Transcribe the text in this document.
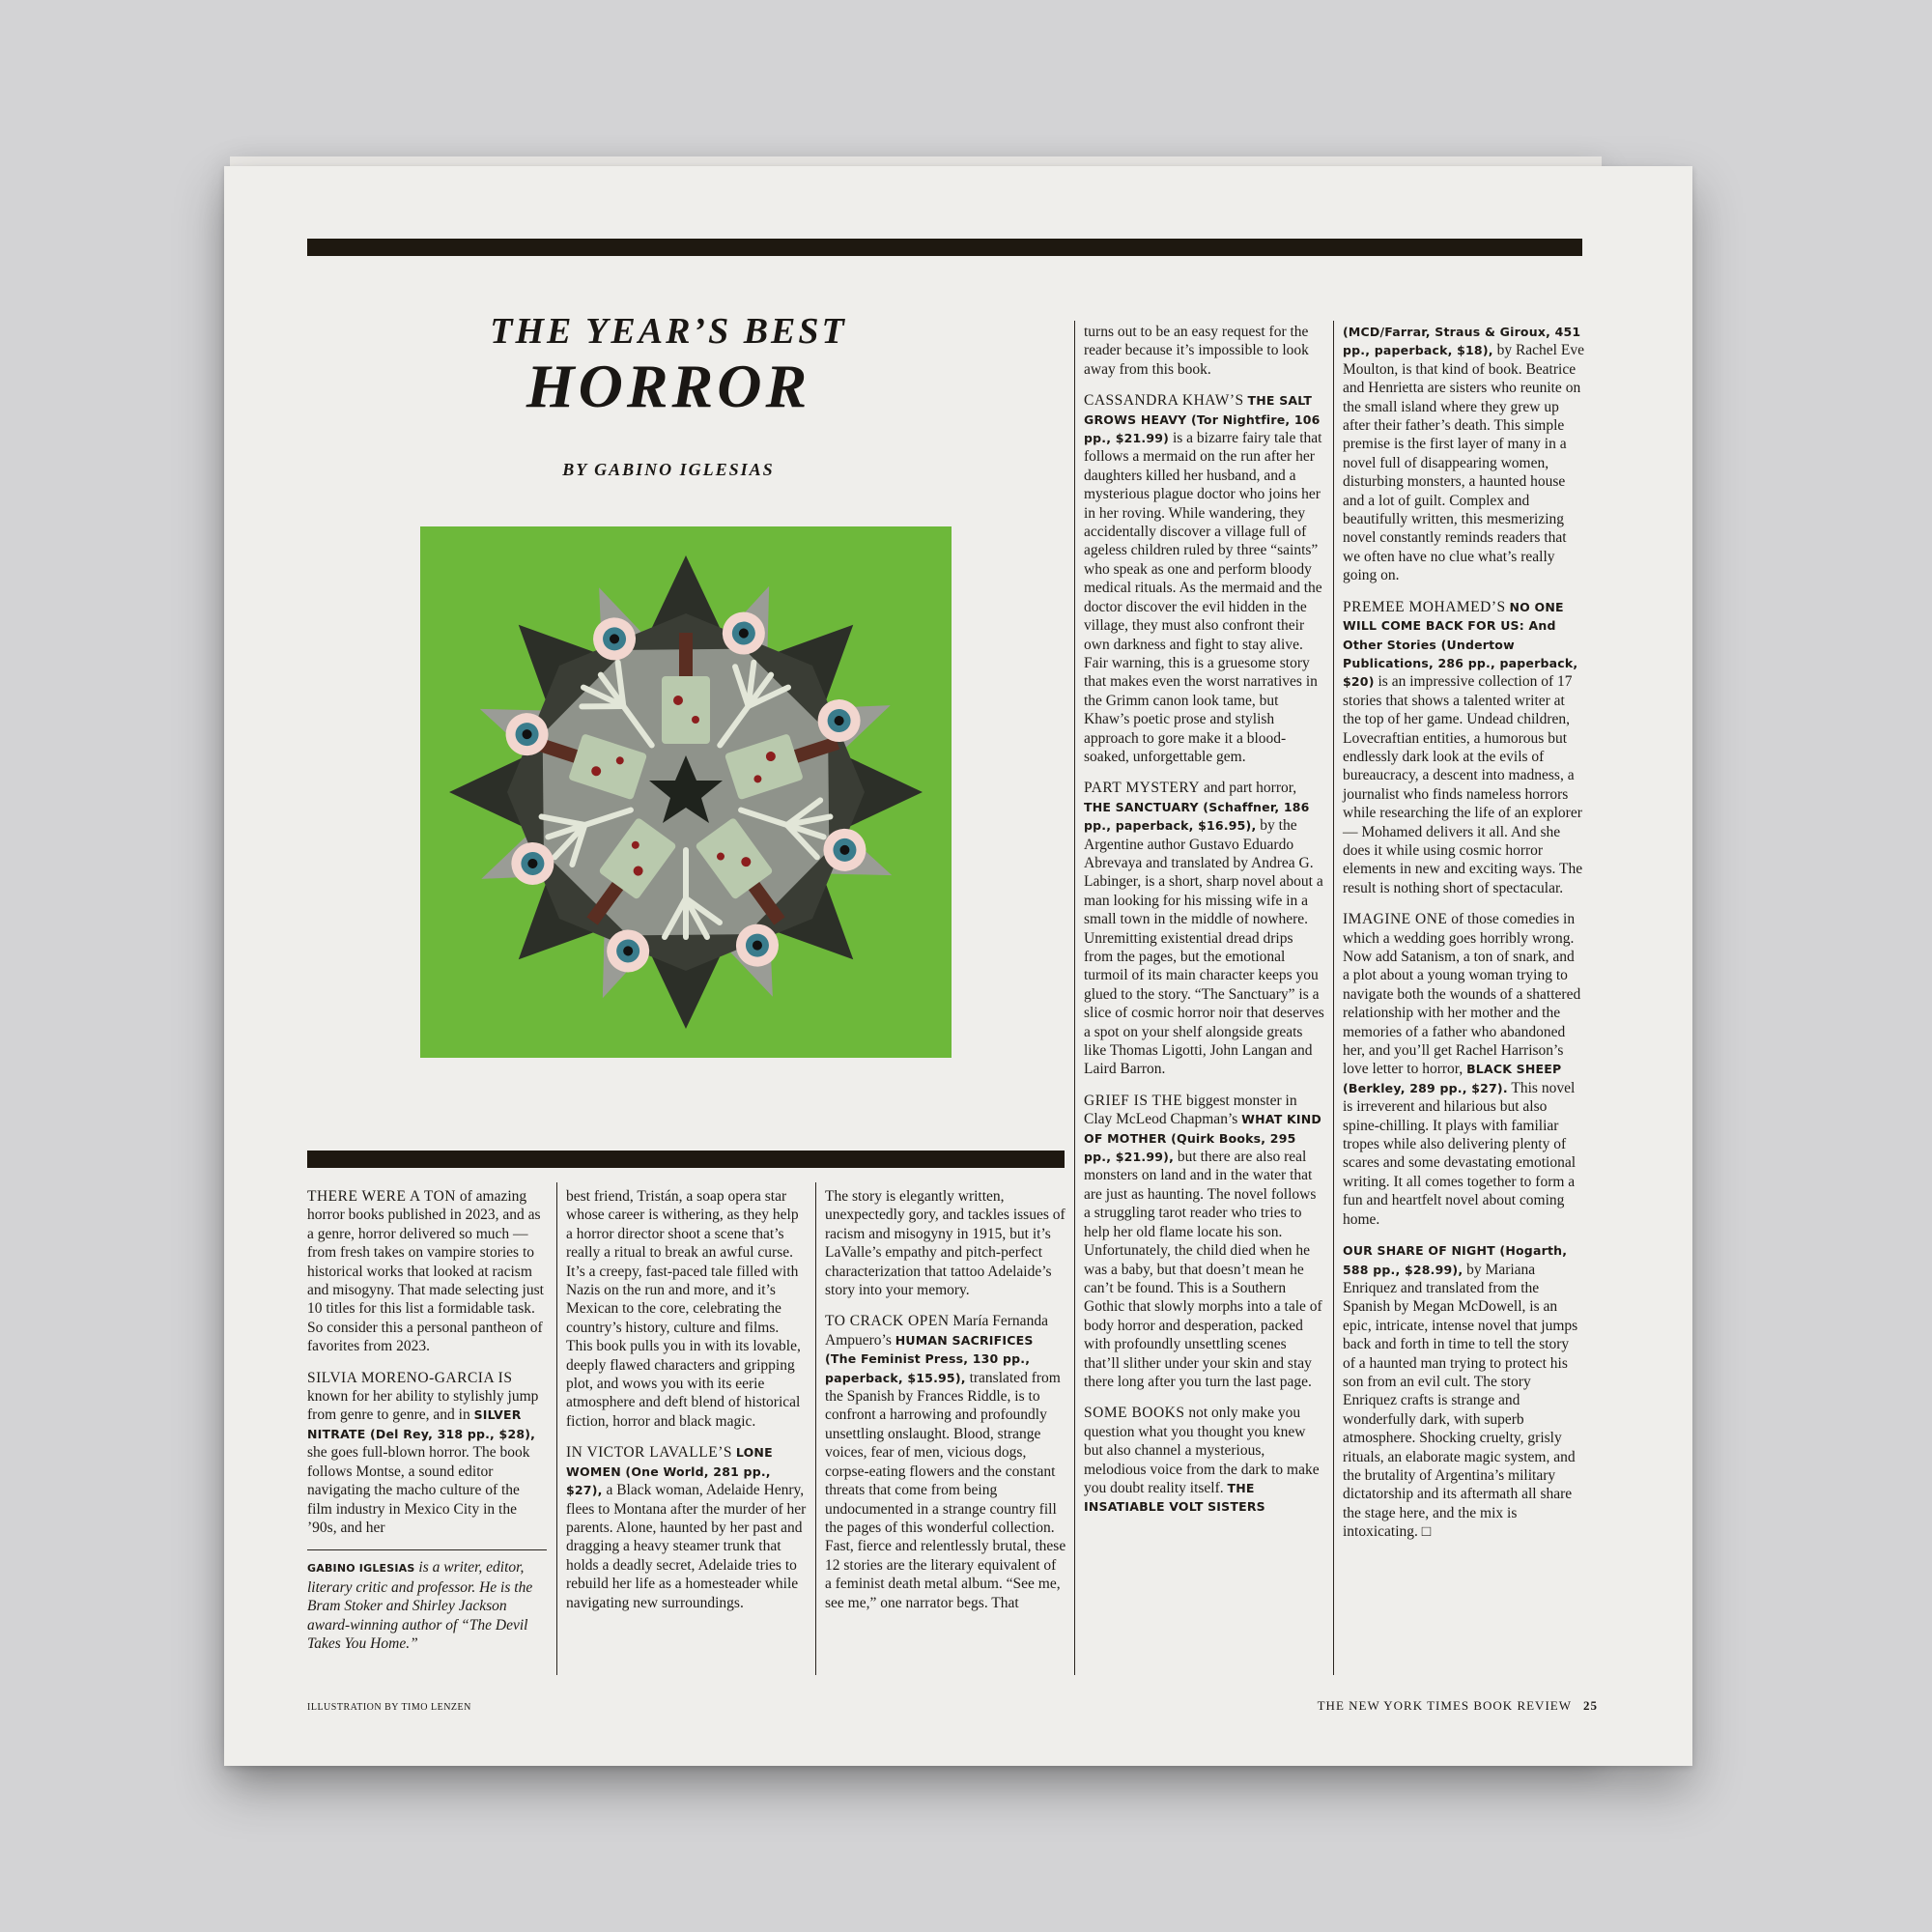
THE YEAR’S BEST
HORROR
BY GABINO IGLESIAS

THERE WERE A TON of amazing horror books published in 2023, and as a genre, horror delivered so much — from fresh takes on vampire stories to historical works that looked at racism and misogyny. That made selecting just 10 titles for this list a formidable task. So consider this a personal pantheon of favorites from 2023.

SILVIA MORENO-GARCIA IS known for her ability to stylishly jump from genre to genre, and in SILVER NITRATE (Del Rey, 318 pp., $28), she goes full-blown horror. The book follows Montse, a sound editor navigating the macho culture of the film industry in Mexico City in the ’90s, and her

GABINO IGLESIAS is a writer, editor, literary critic and professor. He is the Bram Stoker and Shirley Jackson award-winning author of “The Devil Takes You Home.”

best friend, Tristán, a soap opera star whose career is withering, as they help a horror director shoot a scene that’s really a ritual to break an awful curse. It’s a creepy, fast-paced tale filled with Nazis on the run and more, and it’s Mexican to the core, celebrating the country’s history, culture and films. This book pulls you in with its lovable, deeply flawed characters and gripping plot, and wows you with its eerie atmosphere and deft blend of historical fiction, horror and black magic.

IN VICTOR LAVALLE’S LONE WOMEN (One World, 281 pp., $27), a Black woman, Adelaide Henry, flees to Montana after the murder of her parents. Alone, haunted by her past and dragging a heavy steamer trunk that holds a deadly secret, Adelaide tries to rebuild her life as a homesteader while navigating new surroundings.

The story is elegantly written, unexpectedly gory, and tackles issues of racism and misogyny in 1915, but it’s LaValle’s empathy and pitch-perfect characterization that tattoo Adelaide’s story into your memory.

TO CRACK OPEN María Fernanda Ampuero’s HUMAN SACRIFICES (The Feminist Press, 130 pp., paperback, $15.95), translated from the Spanish by Frances Riddle, is to confront a harrowing and profoundly unsettling onslaught. Blood, strange voices, fear of men, vicious dogs, corpse-eating flowers and the constant threats that come from being undocumented in a strange country fill the pages of this wonderful collection. Fast, fierce and relentlessly brutal, these 12 stories are the literary equivalent of a feminist death metal album. “See me, see me,” one narrator begs. That

turns out to be an easy request for the reader because it’s impossible to look away from this book.

CASSANDRA KHAW’S THE SALT GROWS HEAVY (Tor Nightfire, 106 pp., $21.99) is a bizarre fairy tale that follows a mermaid on the run after her daughters killed her husband, and a mysterious plague doctor who joins her in her roving. While wandering, they accidentally discover a village full of ageless children ruled by three “saints” who speak as one and perform bloody medical rituals. As the mermaid and the doctor discover the evil hidden in the village, they must also confront their own darkness and fight to stay alive. Fair warning, this is a gruesome story that makes even the worst narratives in the Grimm canon look tame, but Khaw’s poetic prose and stylish approach to gore make it a blood-soaked, unforgettable gem.

PART MYSTERY and part horror, THE SANCTUARY (Schaffner, 186 pp., paperback, $16.95), by the Argentine author Gustavo Eduardo Abrevaya and translated by Andrea G. Labinger, is a short, sharp novel about a man looking for his missing wife in a small town in the middle of nowhere. Unremitting existential dread drips from the pages, but the emotional turmoil of its main character keeps you glued to the story. “The Sanctuary” is a slice of cosmic horror noir that deserves a spot on your shelf alongside greats like Thomas Ligotti, John Langan and Laird Barron.

GRIEF IS THE biggest monster in Clay McLeod Chapman’s WHAT KIND OF MOTHER (Quirk Books, 295 pp., $21.99), but there are also real monsters on land and in the water that are just as haunting. The novel follows a struggling tarot reader who tries to help her old flame locate his son. Unfortunately, the child died when he was a baby, but that doesn’t mean he can’t be found. This is a Southern Gothic that slowly morphs into a tale of body horror and desperation, packed with profoundly unsettling scenes that’ll slither under your skin and stay there long after you turn the last page.

SOME BOOKS not only make you question what you thought you knew but also channel a mysterious, melodious voice from the dark to make you doubt reality itself. THE INSATIABLE VOLT SISTERS

(MCD/Farrar, Straus & Giroux, 451 pp., paperback, $18), by Rachel Eve Moulton, is that kind of book. Beatrice and Henrietta are sisters who reunite on the small island where they grew up after their father’s death. This simple premise is the first layer of many in a novel full of disappearing women, disturbing monsters, a haunted house and a lot of guilt. Complex and beautifully written, this mesmerizing novel constantly reminds readers that we often have no clue what’s really going on.

PREMEE MOHAMED’S NO ONE WILL COME BACK FOR US: And Other Stories (Undertow Publications, 286 pp., paperback, $20) is an impressive collection of 17 stories that shows a talented writer at the top of her game. Undead children, Lovecraftian entities, a humorous but endlessly dark look at the evils of bureaucracy, a descent into madness, a journalist who finds nameless horrors while researching the life of an explorer — Mohamed delivers it all. And she does it while using cosmic horror elements in new and exciting ways. The result is nothing short of spectacular.

IMAGINE ONE of those comedies in which a wedding goes horribly wrong. Now add Satanism, a ton of snark, and a plot about a young woman trying to navigate both the wounds of a shattered relationship with her mother and the memories of a father who abandoned her, and you’ll get Rachel Harrison’s love letter to horror, BLACK SHEEP (Berkley, 289 pp., $27). This novel is irreverent and hilarious but also spine-chilling. It plays with familiar tropes while also delivering plenty of scares and some devastating emotional writing. It all comes together to form a fun and heartfelt novel about coming home.

OUR SHARE OF NIGHT (Hogarth, 588 pp., $28.99), by Mariana Enriquez and translated from the Spanish by Megan McDowell, is an epic, intricate, intense novel that jumps back and forth in time to tell the story of a haunted man trying to protect his son from an evil cult. The story Enriquez crafts is strange and wonderfully dark, with superb atmosphere. Shocking cruelty, grisly rituals, an elaborate magic system, and the brutality of Argentina’s military dictatorship and its aftermath all share the stage here, and the mix is intoxicating. □

ILLUSTRATION BY TIMO LENZEN	THE NEW YORK TIMES BOOK REVIEW 25
